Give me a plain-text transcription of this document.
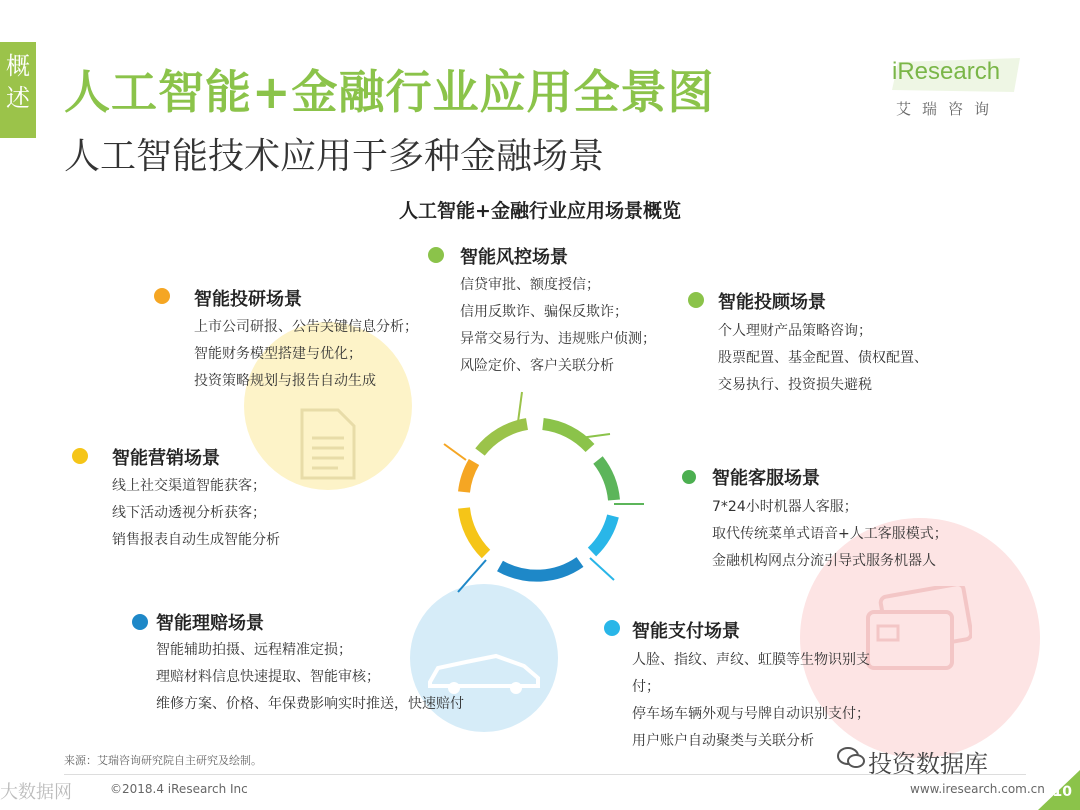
概
述 人工智能+金融行业应用全景图
人工智能技术应用于多种金融场景
iResearch
艾瑞咨询
人工智能+金融行业应用场景概览
智能风控场景
信贷审批、额度授信；
信用反欺诈、骗保反欺诈；
异常交易行为、违规账户侦测；
风险定价、客户关联分析
智能投顾场景
个人理财产品策略咨询；
股票配置、基金配置、债权配置、
交易执行、投资损失避税
智能客服场景
7*24小时机器人客服；
取代传统菜单式语音+人工客服模式；
金融机构网点分流引导式服务机器人
智能支付场景
人脸、指纹、声纹、虹膜等生物识别支
付；
停车场车辆外观与号牌自动识别支付；
用户账户自动聚类与关联分析
智能理赔场景
智能辅助拍摄、远程精准定损；
理赔材料信息快速提取、智能审核；
维修方案、价格、年保费影响实时推送，快速赔付
智能营销场景
线上社交渠道智能获客；
线下活动透视分析获客；
销售报表自动生成智能分析
智能投研场景
上市公司研报、公告关键信息分析；
智能财务模型搭建与优化；
投资策略规划与报告自动生成
来源：艾瑞咨询研究院自主研究及绘制。
大数据网	©2018.4 iResearch Inc	www.iresearch.com.cn
投资数据库
10
